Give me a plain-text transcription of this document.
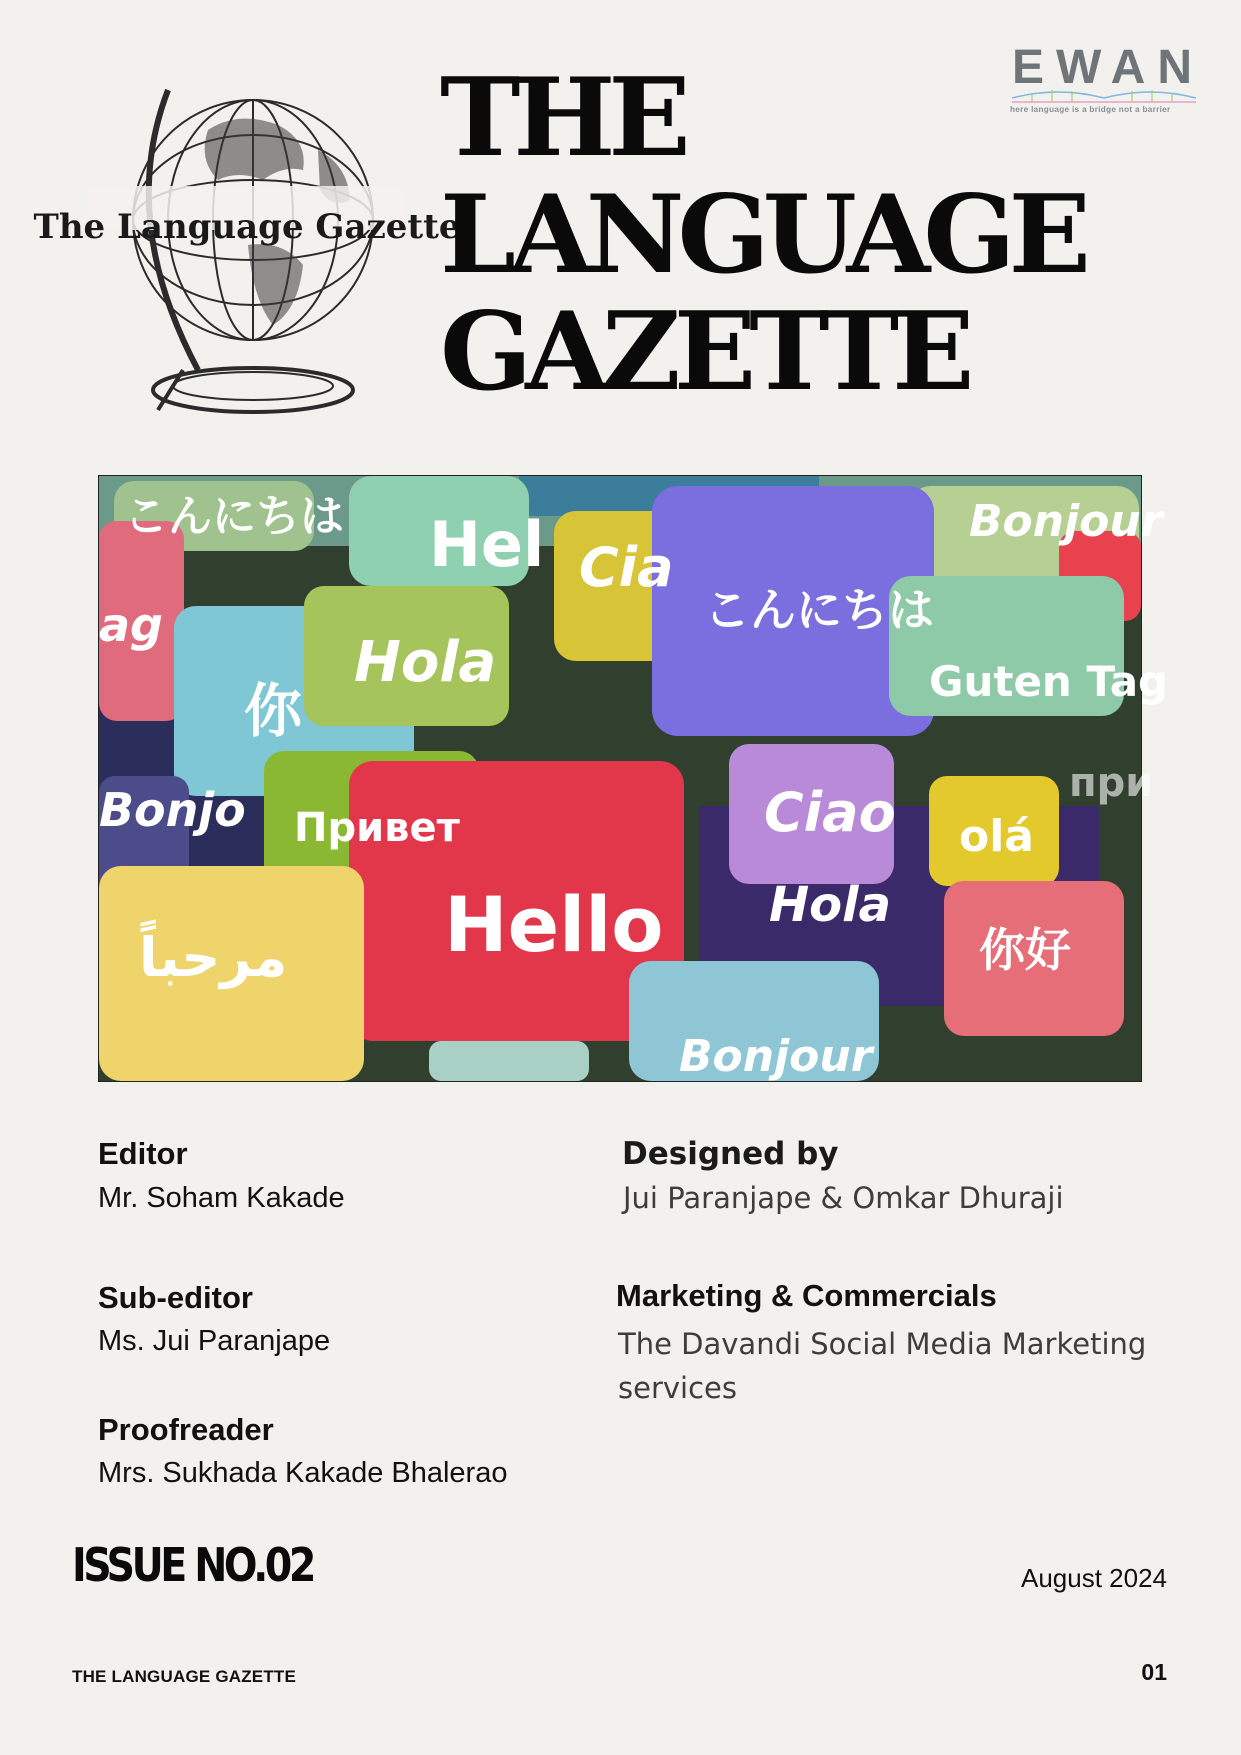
The Language Gazette
THE
LANGUAGE
GAZETTE

EWAN

here language is a bridge not a barrier
こんにちは Hel Cia
こんにちは
Bonjour
ag
Hola
你	Guten Tag
Привет
Bonjo	Ciao olá
при
Hello Hola
مرحباً	你好
Bonjour

Editor

Mr. Soham Kakade

Sub-editor

Ms. Jui Paranjape

Proofreader

Mrs. Sukhada Kakade Bhalerao

Designed by

Jui Paranjape & Omkar Dhuraji

Marketing & Commercials

The Davandi Social Media Marketing

services

ISSUE NO.02	August 2024
THE LANGUAGE GAZETTE	01
